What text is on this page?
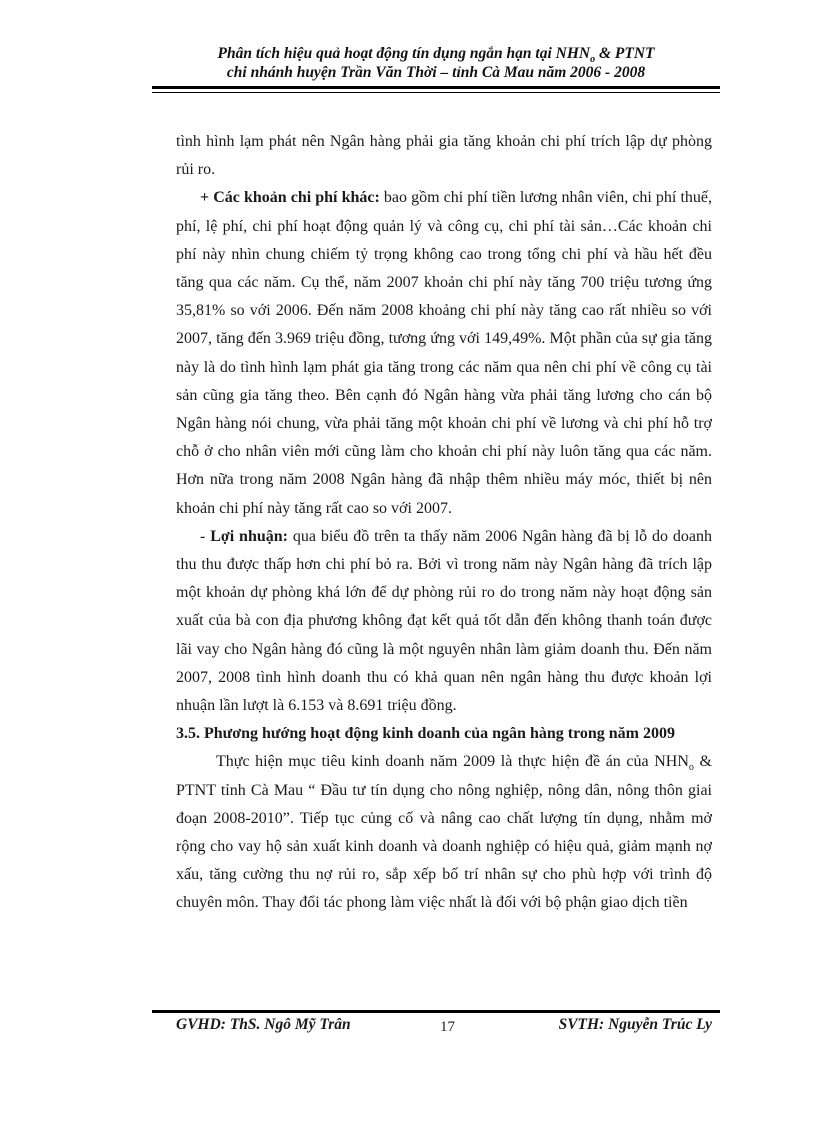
Phân tích hiệu quả hoạt động tín dụng ngắn hạn tại $NHN_o$ & PTNT
chi nhánh huyện Trần Văn Thời – tỉnh Cà Mau năm 2006 - 2008

tình hình lạm phát nên Ngân hàng phải gia tăng khoản chi phí trích lập dự phòng rủi ro.

+ Các khoản chi phí khác: bao gồm chi phí tiền lương nhân viên, chi phí thuế, phí, lệ phí, chi phí hoạt động quản lý và công cụ, chi phí tài sản…Các khoản chi phí này nhìn chung chiếm tỷ trọng không cao trong tổng chi phí và hầu hết đều tăng qua các năm. Cụ thể, năm 2007 khoản chi phí này tăng 700 triệu tương ứng 35,81% so với 2006. Đến năm 2008 khoảng chi phí này tăng cao rất nhiều so với 2007, tăng đến 3.969 triệu đồng, tương ứng với 149,49%. Một phần của sự gia tăng này là do tình hình lạm phát gia tăng trong các năm qua nên chi phí về công cụ tài sản cũng gia tăng theo. Bên cạnh đó Ngân hàng vừa phải tăng lương cho cán bộ Ngân hàng nói chung, vừa phải tăng một khoản chi phí về lương và chi phí hỗ trợ chỗ ở cho nhân viên mới cũng làm cho khoản chi phí này luôn tăng qua các năm. Hơn nữa trong năm 2008 Ngân hàng đã nhập thêm nhiều máy móc, thiết bị nên khoản chi phí này tăng rất cao so với 2007.

- Lợi nhuận: qua biểu đồ trên ta thấy năm 2006 Ngân hàng đã bị lỗ do doanh thu thu được thấp hơn chi phí bỏ ra. Bởi vì trong năm này Ngân hàng đã trích lập một khoản dự phòng khá lớn để dự phòng rủi ro do trong năm này hoạt động sản xuất của bà con địa phương không đạt kết quả tốt dẫn đến không thanh toán được lãi vay cho Ngân hàng đó cũng là một nguyên nhân làm giảm doanh thu. Đến năm 2007, 2008 tình hình doanh thu có khả quan nên ngân hàng thu được khoản lợi nhuận lần lượt là 6.153 và 8.691 triệu đồng.

3.5. Phương hướng hoạt động kinh doanh của ngân hàng trong năm 2009

Thực hiện mục tiêu kinh doanh năm 2009 là thực hiện đề án của $NHN_o$ & PTNT tỉnh Cà Mau “ Đầu tư tín dụng cho nông nghiệp, nông dân, nông thôn giai đoạn 2008-2010”. Tiếp tục củng cố và nâng cao chất lượng tín dụng, nhằm mở rộng cho vay hộ sản xuất kinh doanh và doanh nghiệp có hiệu quả, giảm mạnh nợ xấu, tăng cường thu nợ rủi ro, sắp xếp bố trí nhân sự cho phù hợp với trình độ chuyên môn. Thay đổi tác phong làm việc nhất là đối với bộ phận giao dịch tiền

GVHD: ThS. Ngô Mỹ Trân	17	SVTH: Nguyễn Trúc Ly
